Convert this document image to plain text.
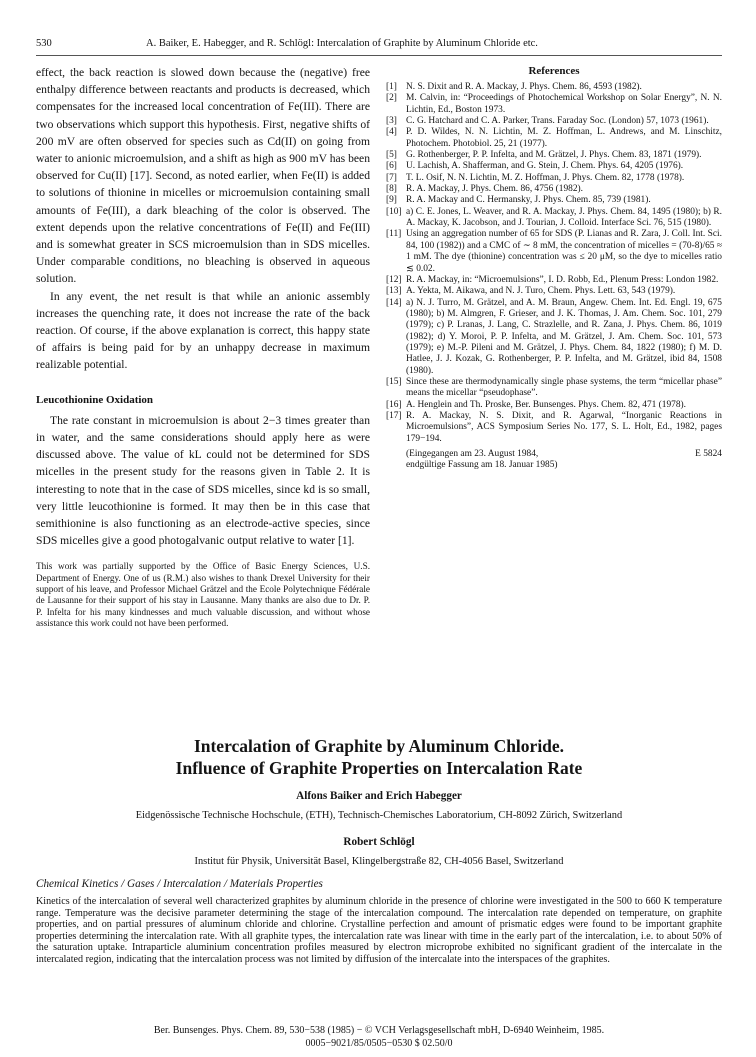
530	A. Baiker, E. Habegger, and R. Schlögl: Intercalation of Graphite by Aluminum Chloride etc.

effect, the back reaction is slowed down because the (negative) free enthalpy difference between reactants and products is decreased, which compensates for the increased local concentration of Fe(III). There are two observations which support this hypothesis. First, negative shifts of 200 mV are often observed for species such as Cd(II) on going from water to anionic microemulsion, and a shift as high as 900 mV has been observed for Cu(II) [17]. Second, as noted earlier, when Fe(II) is added to solutions of thionine in micelles or microemulsion containing small amounts of Fe(III), a dark bleaching of the color is observed. The extent depends upon the relative concentrations of Fe(II) and Fe(III) and is somewhat greater in SCS microemulsion than in SDS micelles. Under comparable conditions, no bleaching is observed in aqueous solution.

In any event, the net result is that while an anionic assembly increases the quenching rate, it does not increase the rate of the back reaction. Of course, if the above explanation is correct, this happy state of affairs is being paid for by an unhappy decrease in maximum realizable potential.

Leucothionine Oxidation

The rate constant in microemulsion is about 2−3 times greater than in water, and the same considerations should apply here as were discussed above. The value of kL could not be determined for SDS micelles in the present study for the reasons given in Table 2. It is interesting to note that in the case of SDS micelles, since kd is so small, very little leucothionine is formed. It may then be in this case that semithionine is also functioning as an electrode-active species, since SDS micelles give a good photogalvanic output relative to water [1].

This work was partially supported by the Office of Basic Energy Sciences, U.S. Department of Energy. One of us (R.M.) also wishes to thank Drexel University for their support of his leave, and Professor Michael Grätzel and the Ecole Polytechnique Fédérale de Lausanne for their support of his stay in Lausanne. Many thanks are also due to Dr. P. P. Infelta for his many kindnesses and much valuable discussion, and without whose assistance this work could not have been performed.

References
[1] N. S. Dixit and R. A. Mackay, J. Phys. Chem. 86, 4593 (1982).
[2] M. Calvin, in: “Proceedings of Photochemical Workshop on Solar Energy”, N. N. Lichtin, Ed., Boston 1973.
[3] C. G. Hatchard and C. A. Parker, Trans. Faraday Soc. (London) 57, 1073 (1961).
[4] P. D. Wildes, N. N. Lichtin, M. Z. Hoffman, L. Andrews, and M. Linschitz, Photochem. Photobiol. 25, 21 (1977).
[5] G. Rothenberger, P. P. Infelta, and M. Grätzel, J. Phys. Chem. 83, 1871 (1979).
[6] U. Lachish, A. Shafferman, and G. Stein, J. Chem. Phys. 64, 4205 (1976).
[7] T. L. Osif, N. N. Lichtin, M. Z. Hoffman, J. Phys. Chem. 82, 1778 (1978).
[8] R. A. Mackay, J. Phys. Chem. 86, 4756 (1982).
[9] R. A. Mackay and C. Hermansky, J. Phys. Chem. 85, 739 (1981).
[10] a) C. E. Jones, L. Weaver, and R. A. Mackay, J. Phys. Chem. 84, 1495 (1980); b) R. A. Mackay, K. Jacobson, and J. Tourian, J. Colloid. Interface Sci. 76, 515 (1980).
[11] Using an aggregation number of 65 for SDS (P. Lianas and R. Zara, J. Coll. Int. Sci. 84, 100 (1982)) and a CMC of ∼ 8 mM, the concentration of micelles = (70-8)/65 ≈ 1 mM. The dye (thionine) concentration was ≤ 20 μM, so the dye to micelles ratio ≲ 0.02.
[12] R. A. Mackay, in: “Microemulsions”, I. D. Robb, Ed., Plenum Press: London 1982.
[13] A. Yekta, M. Aikawa, and N. J. Turo, Chem. Phys. Lett. 63, 543 (1979).
[14] a) N. J. Turro, M. Grätzel, and A. M. Braun, Angew. Chem. Int. Ed. Engl. 19, 675 (1980); b) M. Almgren, F. Grieser, and J. K. Thomas, J. Am. Chem. Soc. 101, 279 (1979); c) P. Lranas, J. Lang, C. Strazlelle, and R. Zana, J. Phys. Chem. 86, 1019 (1982); d) Y. Moroi, P. P. Infelta, and M. Grätzel, J. Am. Chem. Soc. 101, 573 (1979); e) M.-P. Pileni and M. Grätzel, J. Phys. Chem. 84, 1822 (1980); f) M. D. Hatlee, J. J. Kozak, G. Rothenberger, P. P. Infelta, and M. Grätzel, ibid 84, 1508 (1980).
[15] Since these are thermodynamically single phase systems, the term “micellar phase” means the micellar “pseudophase”.
[16] A. Henglein and Th. Proske, Ber. Bunsenges. Phys. Chem. 82, 471 (1978).
[17] R. A. Mackay, N. S. Dixit, and R. Agarwal, “Inorganic Reactions in Microemulsions”, ACS Symposium Series No. 177, S. L. Holt, Ed., 1982, pages 179−194.
(Eingegangen am 23. August 1984,	E 5824
endgültige Fassung am 18. Januar 1985)
Intercalation of Graphite by Aluminum Chloride.
Influence of Graphite Properties on Intercalation Rate
Alfons Baiker and Erich Habegger
Eidgenössische Technische Hochschule, (ETH), Technisch-Chemisches Laboratorium, CH-8092 Zürich, Switzerland
Robert Schlögl
Institut für Physik, Universität Basel, Klingelbergstraße 82, CH-4056 Basel, Switzerland
Chemical Kinetics / Gases / Intercalation / Materials Properties
Kinetics of the intercalation of several well characterized graphites by aluminum chloride in the presence of chlorine were investigated in the 500 to 660 K temperature range. Temperature was the decisive parameter determining the stage of the intercalation compound. The intercalation rate depended on temperature, on graphite properties, and on partial pressures of aluminum chloride and chlorine. Crystalline perfection and amount of prismatic edges were found to be important graphite properties determining the intercalation rate. With all graphite types, the intercalation rate was linear with time in the early part of the intercalation, i.e. to about 50% of the saturation uptake. Intraparticle aluminium concentration profiles measured by electron microprobe exhibited no significant gradient of the intercalate in the intercalated region, indicating that the intercalation process was not limited by diffusion of the intercalate into the interspaces of the graphites.
Ber. Bunsenges. Phys. Chem. 89, 530−538 (1985) − © VCH Verlagsgesellschaft mbH, D-6940 Weinheim, 1985.
0005−9021/85/0505−0530 $ 02.50/0
